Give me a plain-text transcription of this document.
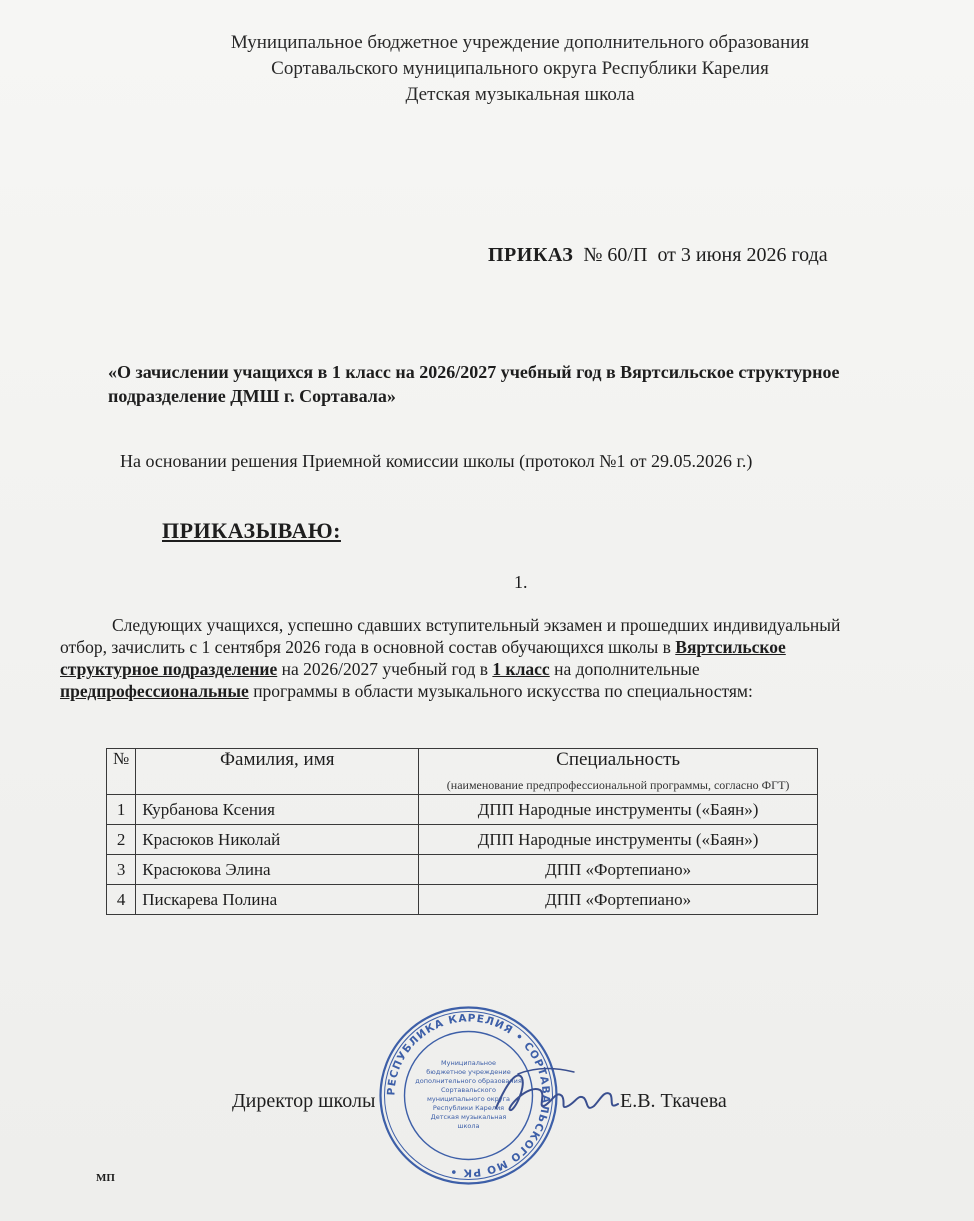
Муниципальное бюджетное учреждение дополнительного образования
Сортавальского муниципального округа Республики Карелия
Детская музыкальная школа
ПРИКАЗ № 60/П от 3 июня 2026 года
«О зачислении учащихся в 1 класс на 2026/2027 учебный год в Вяртсильское структурное подразделение ДМШ г. Сортавала»
На основании решения Приемной комиссии школы (протокол №1 от 29.05.2026 г.)
ПРИКАЗЫВАЮ:
1.
Следующих учащихся, успешно сдавших вступительный экзамен и прошедших индивидуальный отбор, зачислить с 1 сентября 2026 года в основной состав обучающихся школы в Вяртсильское структурное подразделение на 2026/2027 учебный год в 1 класс на дополнительные предпрофессиональные программы в области музыкального искусства по специальностям:
№	Фамилия, имя	Специальность
(наименование предпрофессиональной программы, согласно ФГТ)

1	Курбанова Ксения	ДПП Народные инструменты («Баян»)
2	Красюков Николай	ДПП Народные инструменты («Баян»)
3	Красюкова Элина	ДПП «Фортепиано»
4	Пискарева Полина	ДПП «Фортепиано»
Директор школы	Е.В. Ткачева
РЕСПУБЛИКА КАРЕЛИЯ • СОРТАВАЛЬСКОГО МО РК •
Муниципальное
бюджетное учреждение
дополнительного образования
Сортавальского
муниципального округа
Республики Карелия
Детская музыкальная
школа
МП
